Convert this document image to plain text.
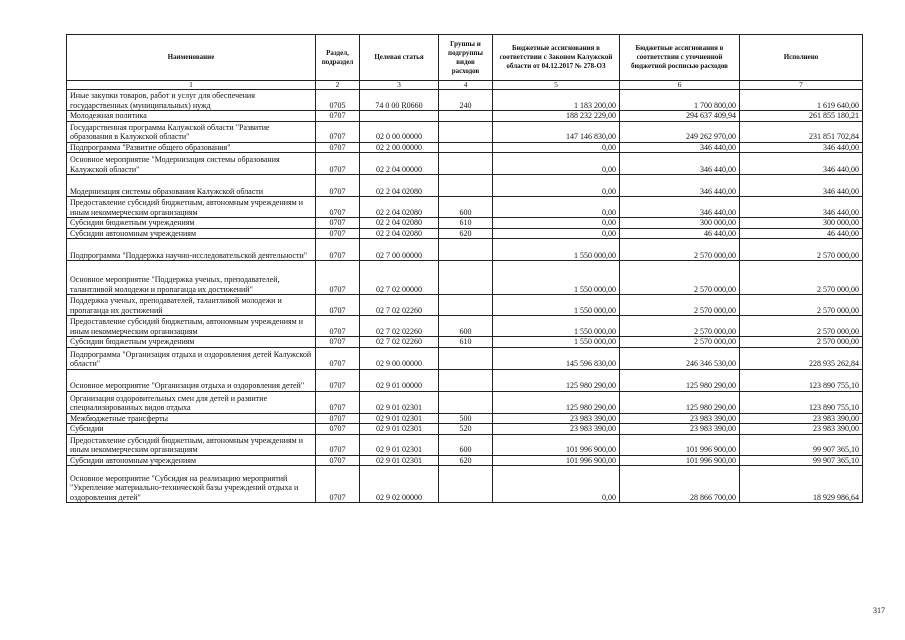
Наименование	Раздел, подраздел	Целевая статья	Группы и подгруппы видов расходов	Бюджетные ассигнования в соответствии с Законом Калужской области от 04.12.2017 № 278-ОЗ	Бюджетные ассигнования в соответствии с уточненной бюджетной росписью расходов	Исполнено
1	2	3	4	5	6	7
Иные закупки товаров, работ и услуг для обеспечения государственных (муниципальных) нужд	0705	74 0 00 R0660	240	1 183 200,00	1 700 800,00	1 619 640,00
Молодежная политика	0707			188 232 229,00	294 637 409,94	261 855 180,21
Государственная программа Калужской области "Развитие образования в Калужской области"	0707	02 0 00 00000		147 146 830,00	249 262 970,00	231 851 702,84
Подпрограмма "Развитие общего образования"	0707	02 2 00 00000		0,00	346 440,00	346 440,00
Основное мероприятие "Модернизация системы образования Калужской области"	0707	02 2 04 00000		0,00	346 440,00	346 440,00
Модернизация системы образования Калужской области	0707	02 2 04 02080		0,00	346 440,00	346 440,00
Предоставление субсидий бюджетным, автономным учреждениям и иным некоммерческим организациям	0707	02 2 04 02080	600	0,00	346 440,00	346 440,00
Субсидии бюджетным учреждениям	0707	02 2 04 02080	610	0,00	300 000,00	300 000,00
Субсидии автономным учреждениям	0707	02 2 04 02080	620	0,00	46 440,00	46 440,00
Подпрограмма "Поддержка научно-исследовательской деятельности"	0707	02 7 00 00000		1 550 000,00	2 570 000,00	2 570 000,00
Основное мероприятие "Поддержка ученых, преподавателей, талантливой молодежи и пропаганда их достижений"	0707	02 7 02 00000		1 550 000,00	2 570 000,00	2 570 000,00
Поддержка ученых, преподавателей, талантливой молодежи и пропаганда их достижений	0707	02 7 02 02260		1 550 000,00	2 570 000,00	2 570 000,00
Предоставление субсидий бюджетным, автономным учреждениям и иным некоммерческим организациям	0707	02 7 02 02260	600	1 550 000,00	2 570 000,00	2 570 000,00
Субсидии бюджетным учреждениям	0707	02 7 02 02260	610	1 550 000,00	2 570 000,00	2 570 000,00
Подпрограмма "Организация отдыха и оздоровления детей Калужской области"	0707	02 9 00 00000		145 596 830,00	246 346 530,00	228 935 262,84
Основное мероприятие "Организация отдыха и оздоровления детей"	0707	02 9 01 00000		125 980 290,00	125 980 290,00	123 890 755,10
Организация оздоровительных смен для детей и развитие специализированных видов отдыха	0707	02 9 01 02301		125 980 290,00	125 980 290,00	123 890 755,10
Межбюджетные трансферты	0707	02 9 01 02301	500	23 983 390,00	23 983 390,00	23 983 390,00
Субсидии	0707	02 9 01 02301	520	23 983 390,00	23 983 390,00	23 983 390,00
Предоставление субсидий бюджетным, автономным учреждениям и иным некоммерческим организациям	0707	02 9 01 02301	600	101 996 900,00	101 996 900,00	99 907 365,10
Субсидии автономным учреждениям	0707	02 9 01 02301	620	101 996 900,00	101 996 900,00	99 907 365,10
Основное мероприятие "Субсидия на реализацию мероприятий "Укрепление материально-технической базы учреждений отдыха и оздоровления детей"	0707	02 9 02 00000		0,00	28 866 700,00	18 929 986,64
317
